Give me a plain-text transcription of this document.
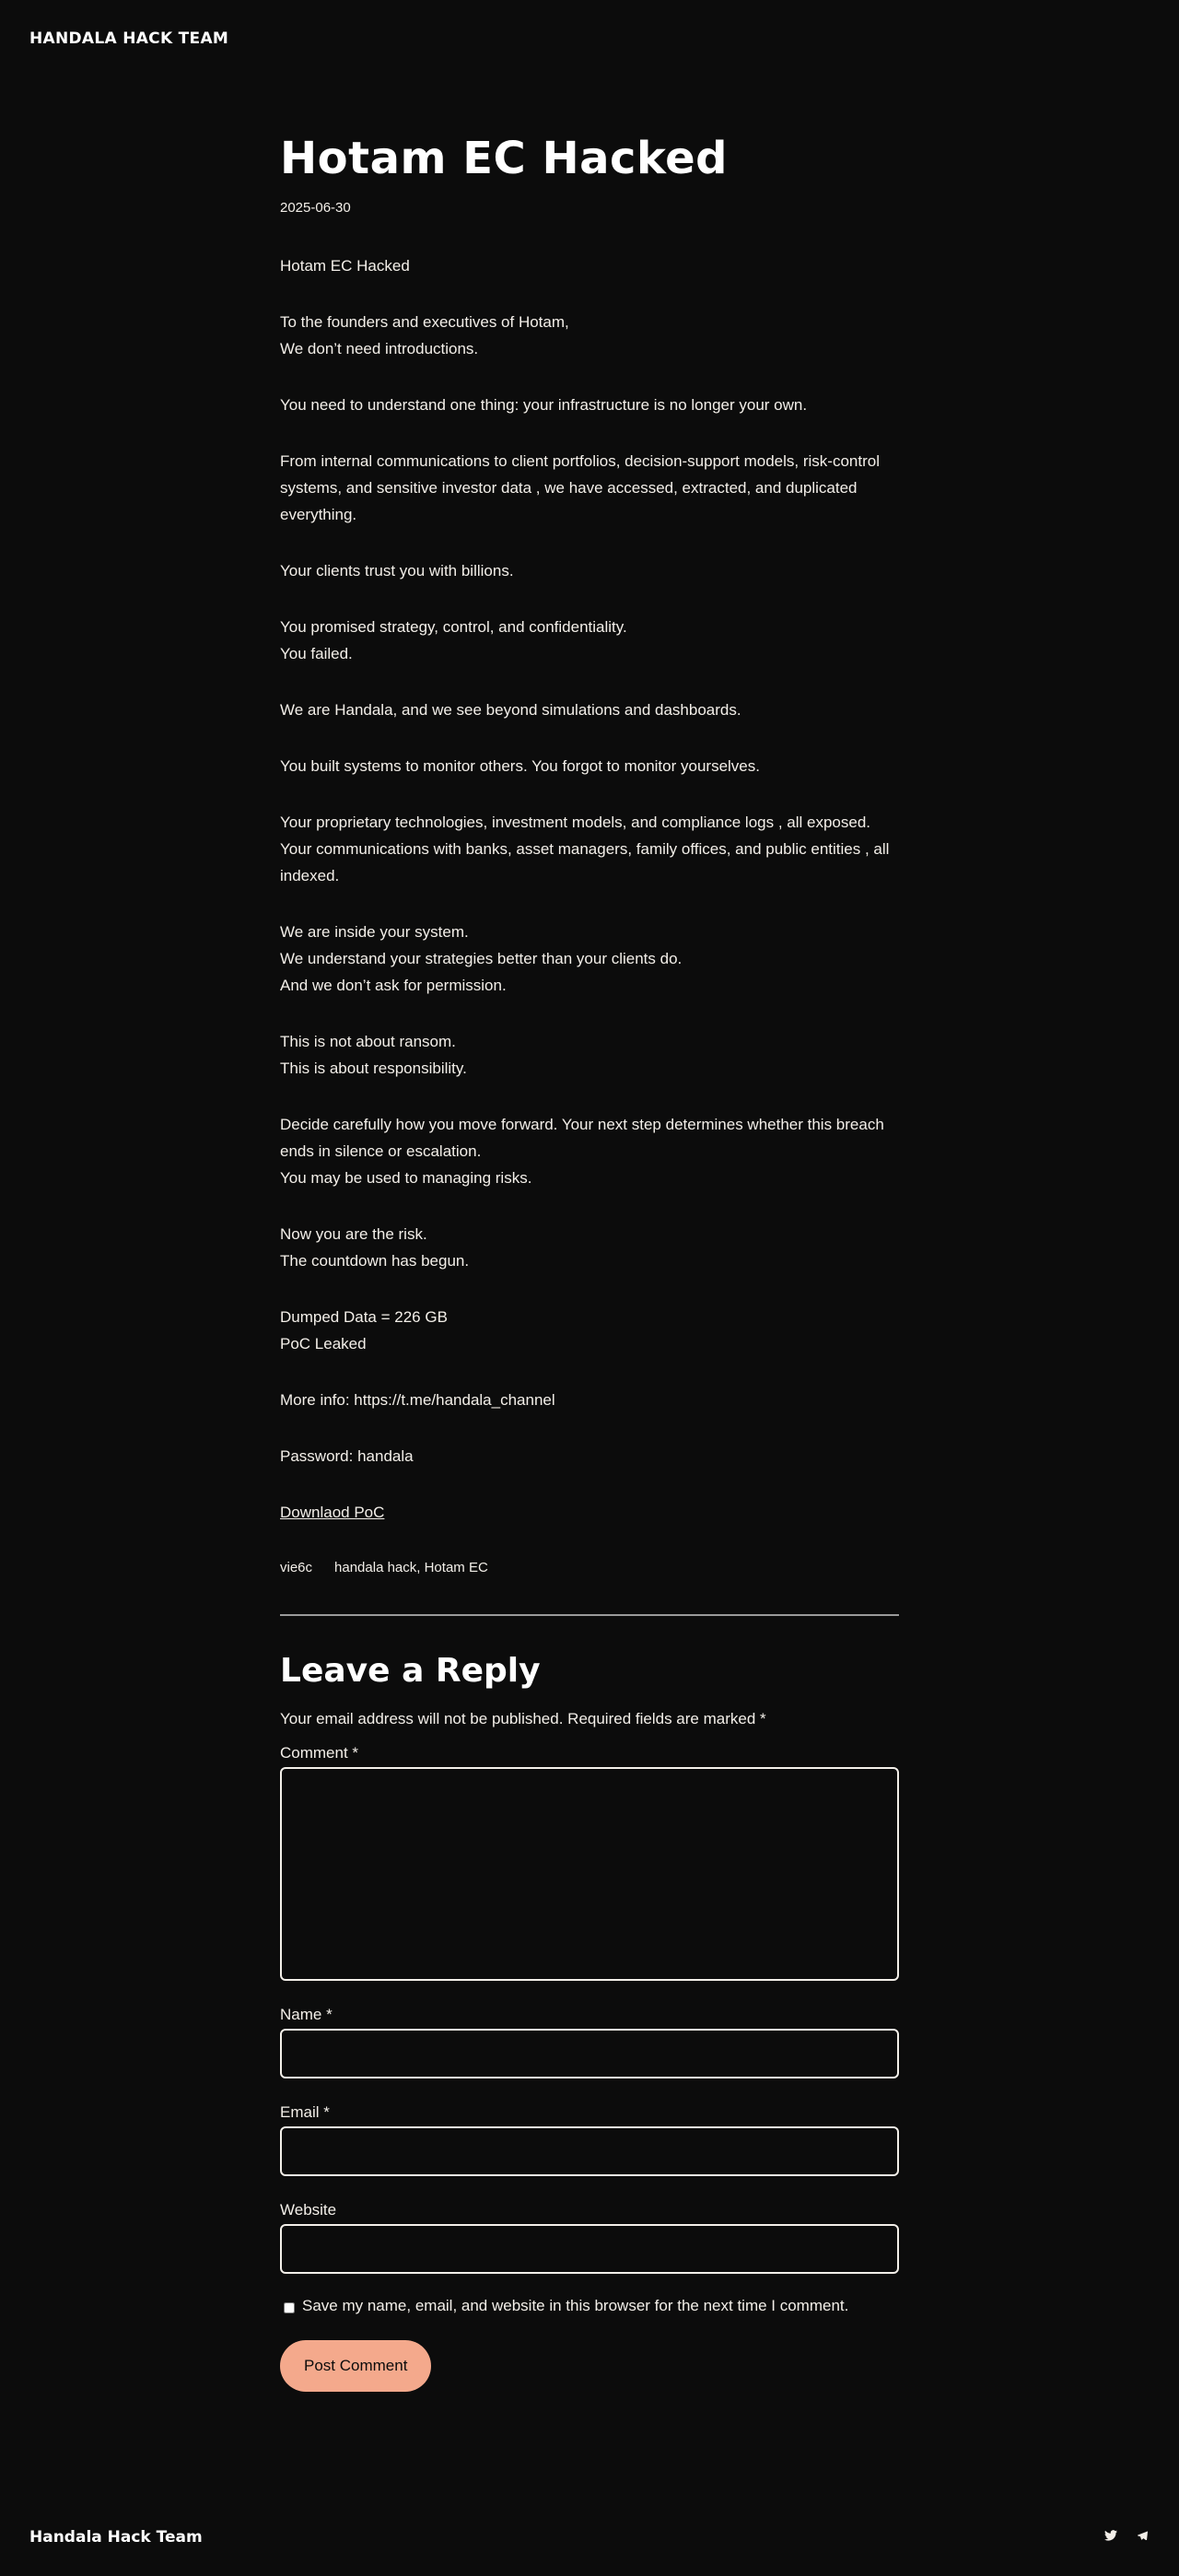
HANDALA HACK TEAM

Hotam EC Hacked
2025-06-30

Hotam EC Hacked

To the founders and executives of Hotam,
We don’t need introductions.

You need to understand one thing: your infrastructure is no longer your own.

From internal communications to client portfolios, decision-support models, risk-control systems, and sensitive investor data , we have accessed, extracted, and duplicated everything.

Your clients trust you with billions.

You promised strategy, control, and confidentiality.
You failed.

We are Handala, and we see beyond simulations and dashboards.

You built systems to monitor others. You forgot to monitor yourselves.

Your proprietary technologies, investment models, and compliance logs , all exposed. Your communications with banks, asset managers, family offices, and public entities , all indexed.

We are inside your system.
We understand your strategies better than your clients do.
And we don’t ask for permission.

This is not about ransom.
This is about responsibility.

Decide carefully how you move forward. Your next step determines whether this breach ends in silence or escalation.
You may be used to managing risks.

Now you are the risk.
The countdown has begun.

Dumped Data = 226 GB
PoC Leaked

More info: https://t.me/handala_channel

Password: handala

Downlaod PoC
vie6c handala hack, Hotam EC
Leave a Reply
Your email address will not be published. Required fields are marked *
Comment *
Name *
Email *
Website
Save my name, email, and website in this browser for the next time I comment.
Post Comment

Handala Hack Team
